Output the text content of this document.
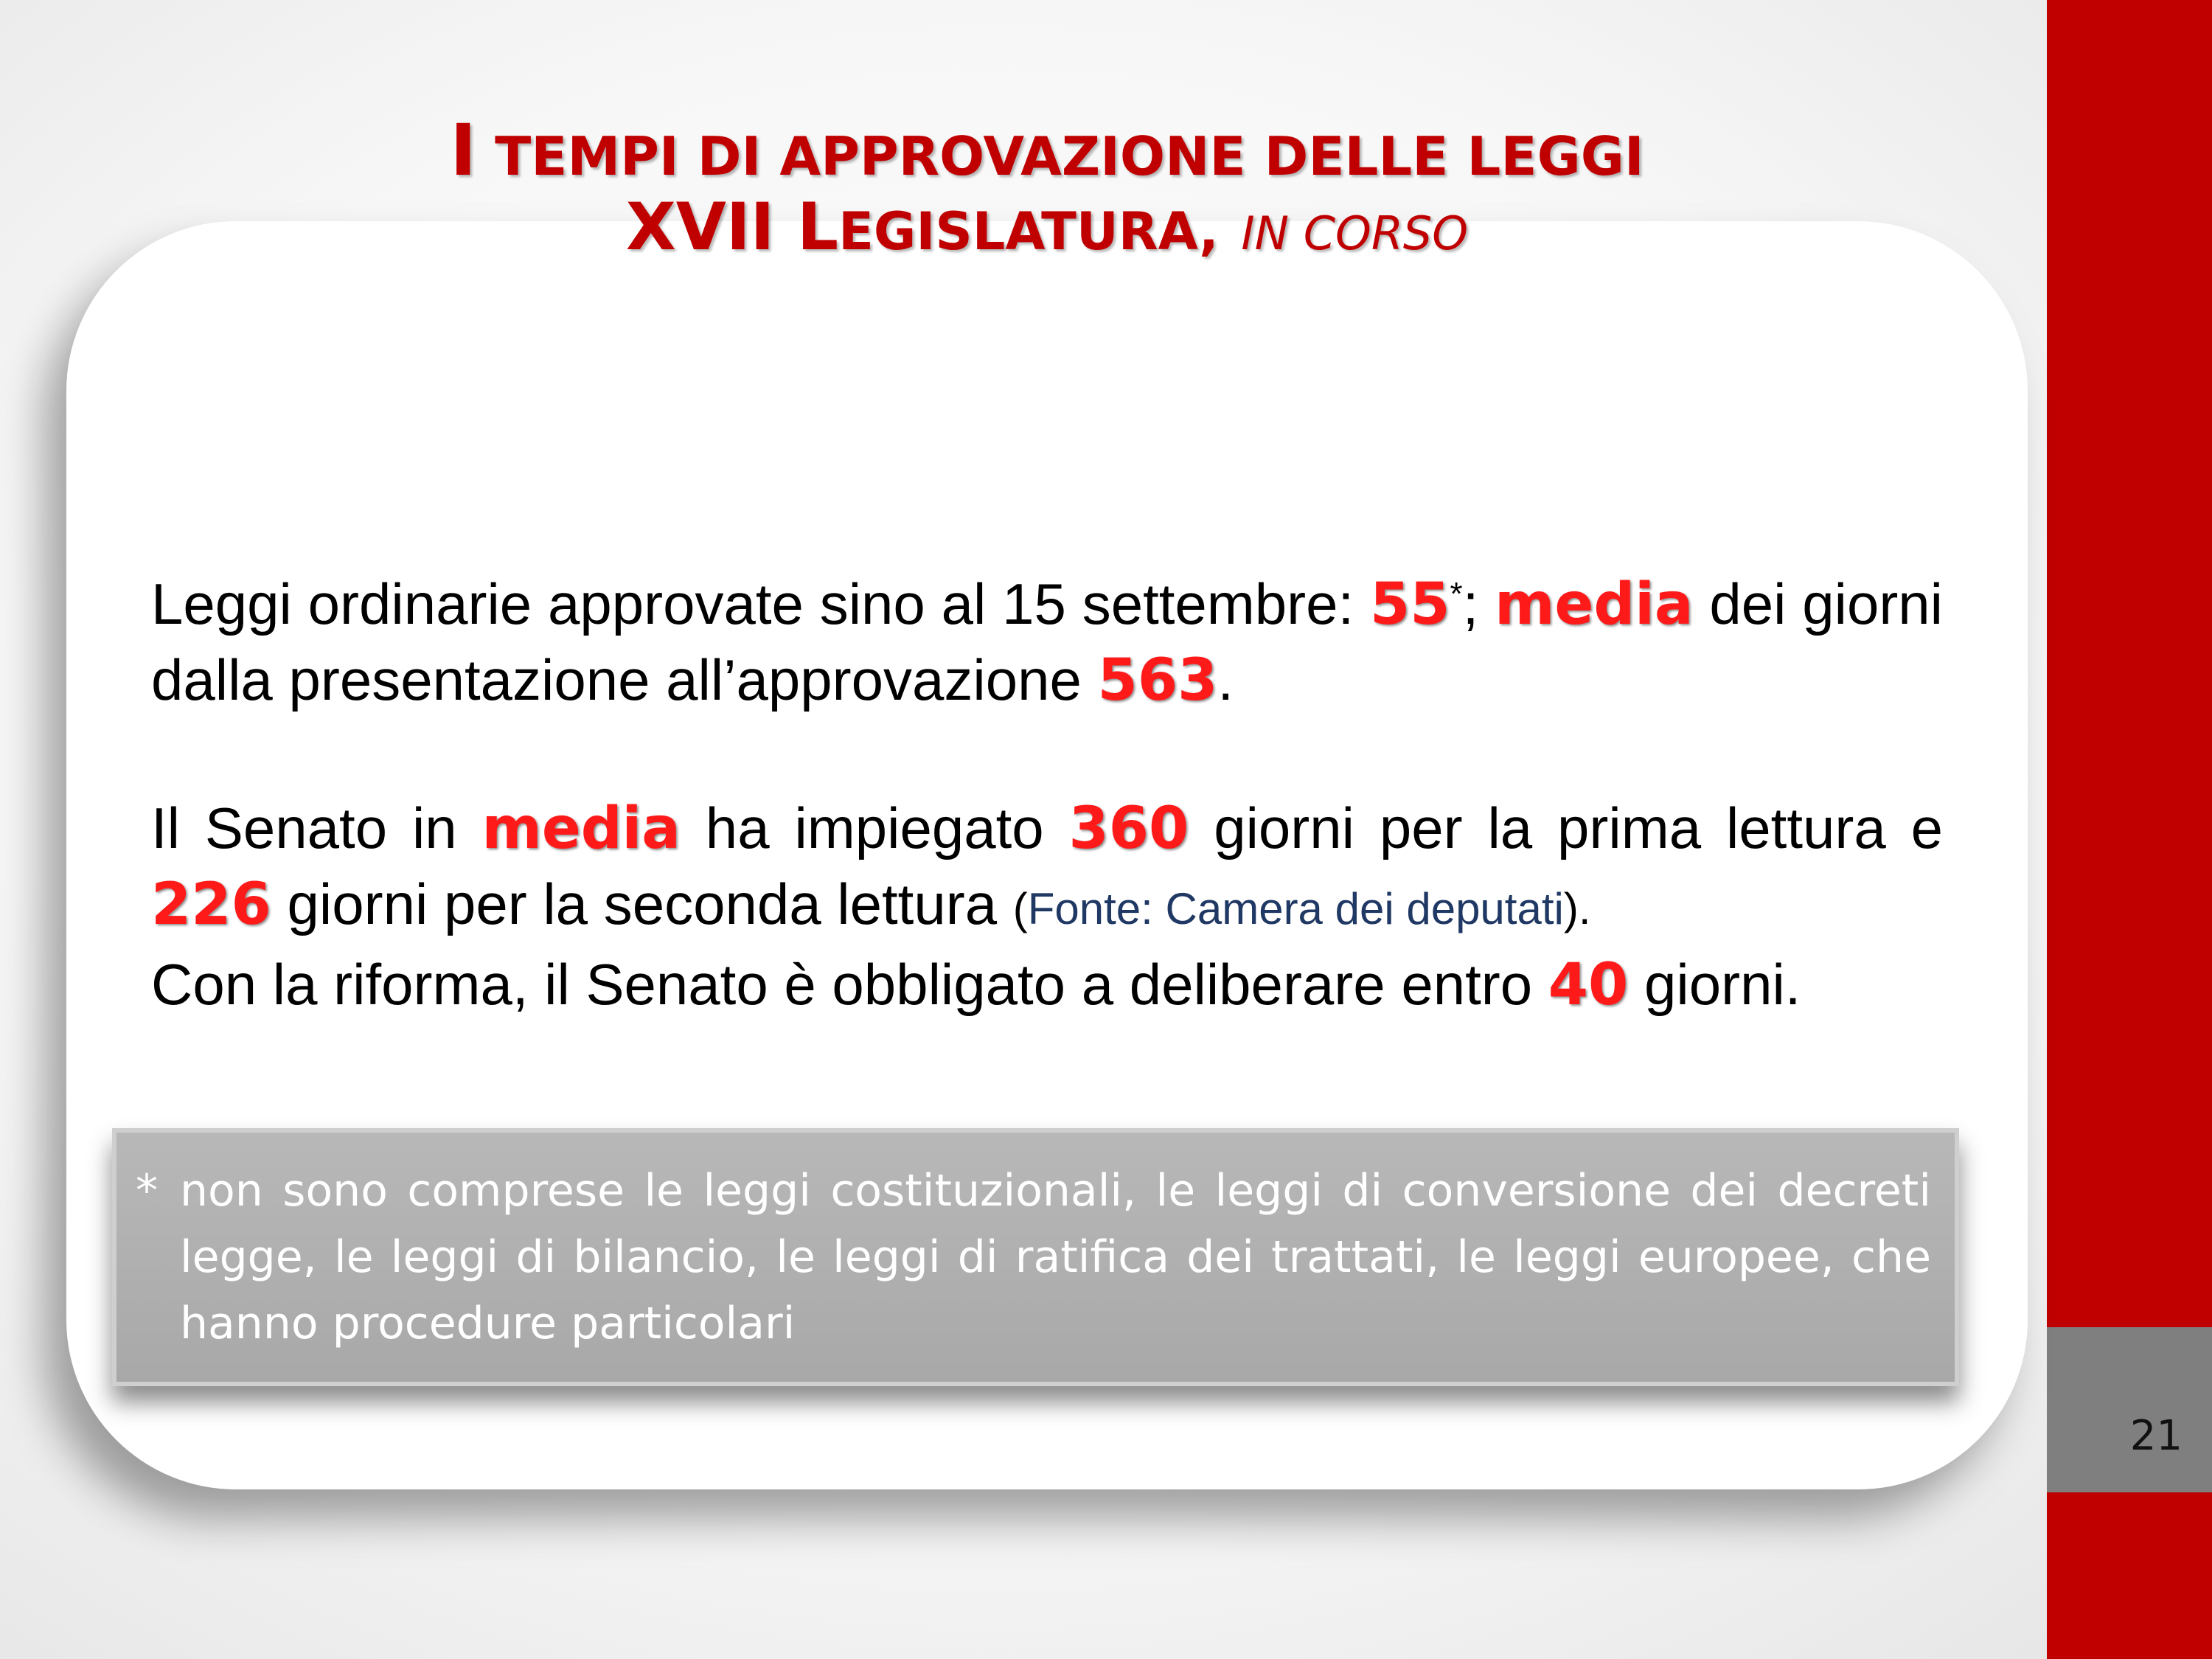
21
I TEMPI DI APPROVAZIONE DELLE LEGGI
XVII LEGISLATURA, IN CORSO

Leggi ordinarie approvate sino al 15 settembre: 55*; media dei giorni dalla presentazione all’approvazione 563.

Il Senato in media ha impiegato 360 giorni per la prima lettura e 226 giorni per la seconda lettura (Fonte: Camera dei deputati).
Con la riforma, il Senato è obbligato a deliberare entro 40 giorni.

* non sono comprese le leggi costituzionali, le leggi di conversione dei decreti legge, le leggi di bilancio, le leggi di ratifica dei trattati, le leggi europee, che hanno procedure particolari
